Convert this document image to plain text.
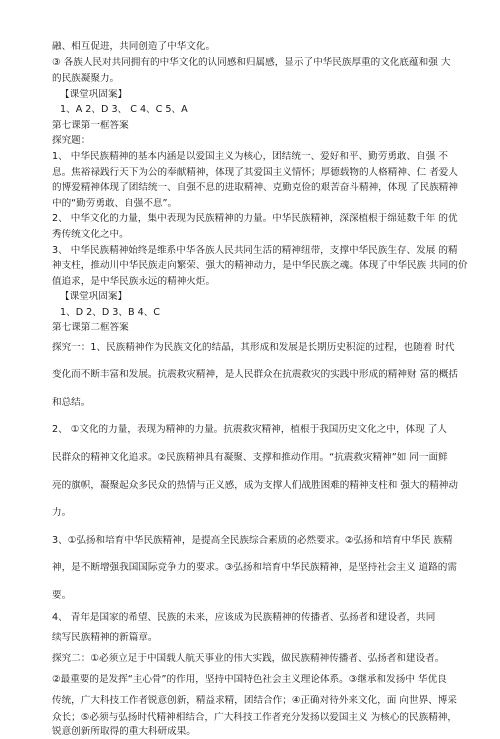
融、相互促进，共同创造了中华文化。
③ 各族人民对共同拥有的中华文化的认同感和归属感，显示了中华民族厚重的文化底蕴和强 大
的民族凝聚力。
【课堂巩固案】
1、A 2、D 3、 C 4、C 5、A
第七课第一框答案
探究题：
1、 中华民族精神的基本内涵是以爱国主义为核心，团结统一、爱好和平、勤劳勇敢、自强 不
息。焦裕禄践行天下为公的奉献精神，体现了其爱国主义情怀；厚德载物的人格精神、仁 者爱人
的博爱精神体现了团结统一、自强不息的进取精神、克勤克俭的艰苦奋斗精神，体现 了民族精神
中的“勤劳勇敢、自强不息”。
2、 中华文化的力量，集中表现为民族精神的力量。中华民族精神，深深植根于绵延数千年 的优
秀传统文化之中。
3、 中华民族精神始终是维系中华各族人民共同生活的精神纽带，支撑中华民族生存、发展 的精
神支柱，推动川中华民族走向繁荣、强大的精神动力，是中华民族之魂。体现了中华民族 共同的价
值追求，是中华民族永远的精神火炬。
【课堂巩固案】
1、D 2、D 3、B 4、C
第七课第二框答案
探究一：1、民族精神作为民族文化的结晶，其形成和发展是长期历史积淀的过程，也随着 时代
变化而不断丰富和发展。抗震救灾精神，是人民群众在抗震救灾的实践中形成的精神财 富的概括
和总结。
2、 ①文化的力量，表现为精神的力量。抗震救灾精神，植根于我国历史文化之中，体现 了人
民群众的精神文化追求。②民族精神具有凝聚、支撑和推动作用。“抗震救灾精神”如 同一面鲜
亮的旗帜，凝聚起众多民众的热情与正义感，成为支撑人们战胜困难的精神支柱和 强大的精神动
力。
3、①弘扬和培育中华民族精神，是提高全民族综合素质的必然要求。②弘扬和培育中华民 族精
神，是不断增强我国国际竞争力的要求。③弘扬和培育中华民族精神，是坚持社会主义 道路的需
要。
4、 青年是国家的希望、民族的未来，应该成为民族精神的传播者、弘扬者和建设者，共同
续写民族精神的新篇章。
探究二：①必须立足于中国载人航天事业的伟大实践，做民族精神传播者、弘扬者和建设者。
②最重要的是发挥“主心骨”的作用，坚持中国特色社会主义理论体系。③继承和发扬中 华优良
传统，广大科技工作者锐意创新，精益求精，团结合作；④正确对待外来文化，面 向世界、博采
众长；⑤必须与弘扬时代精神相结合，广大科技工作者充分发扬以爱国主义 为核心的民族精神，
锐意创新所取得的重大科研成果。
